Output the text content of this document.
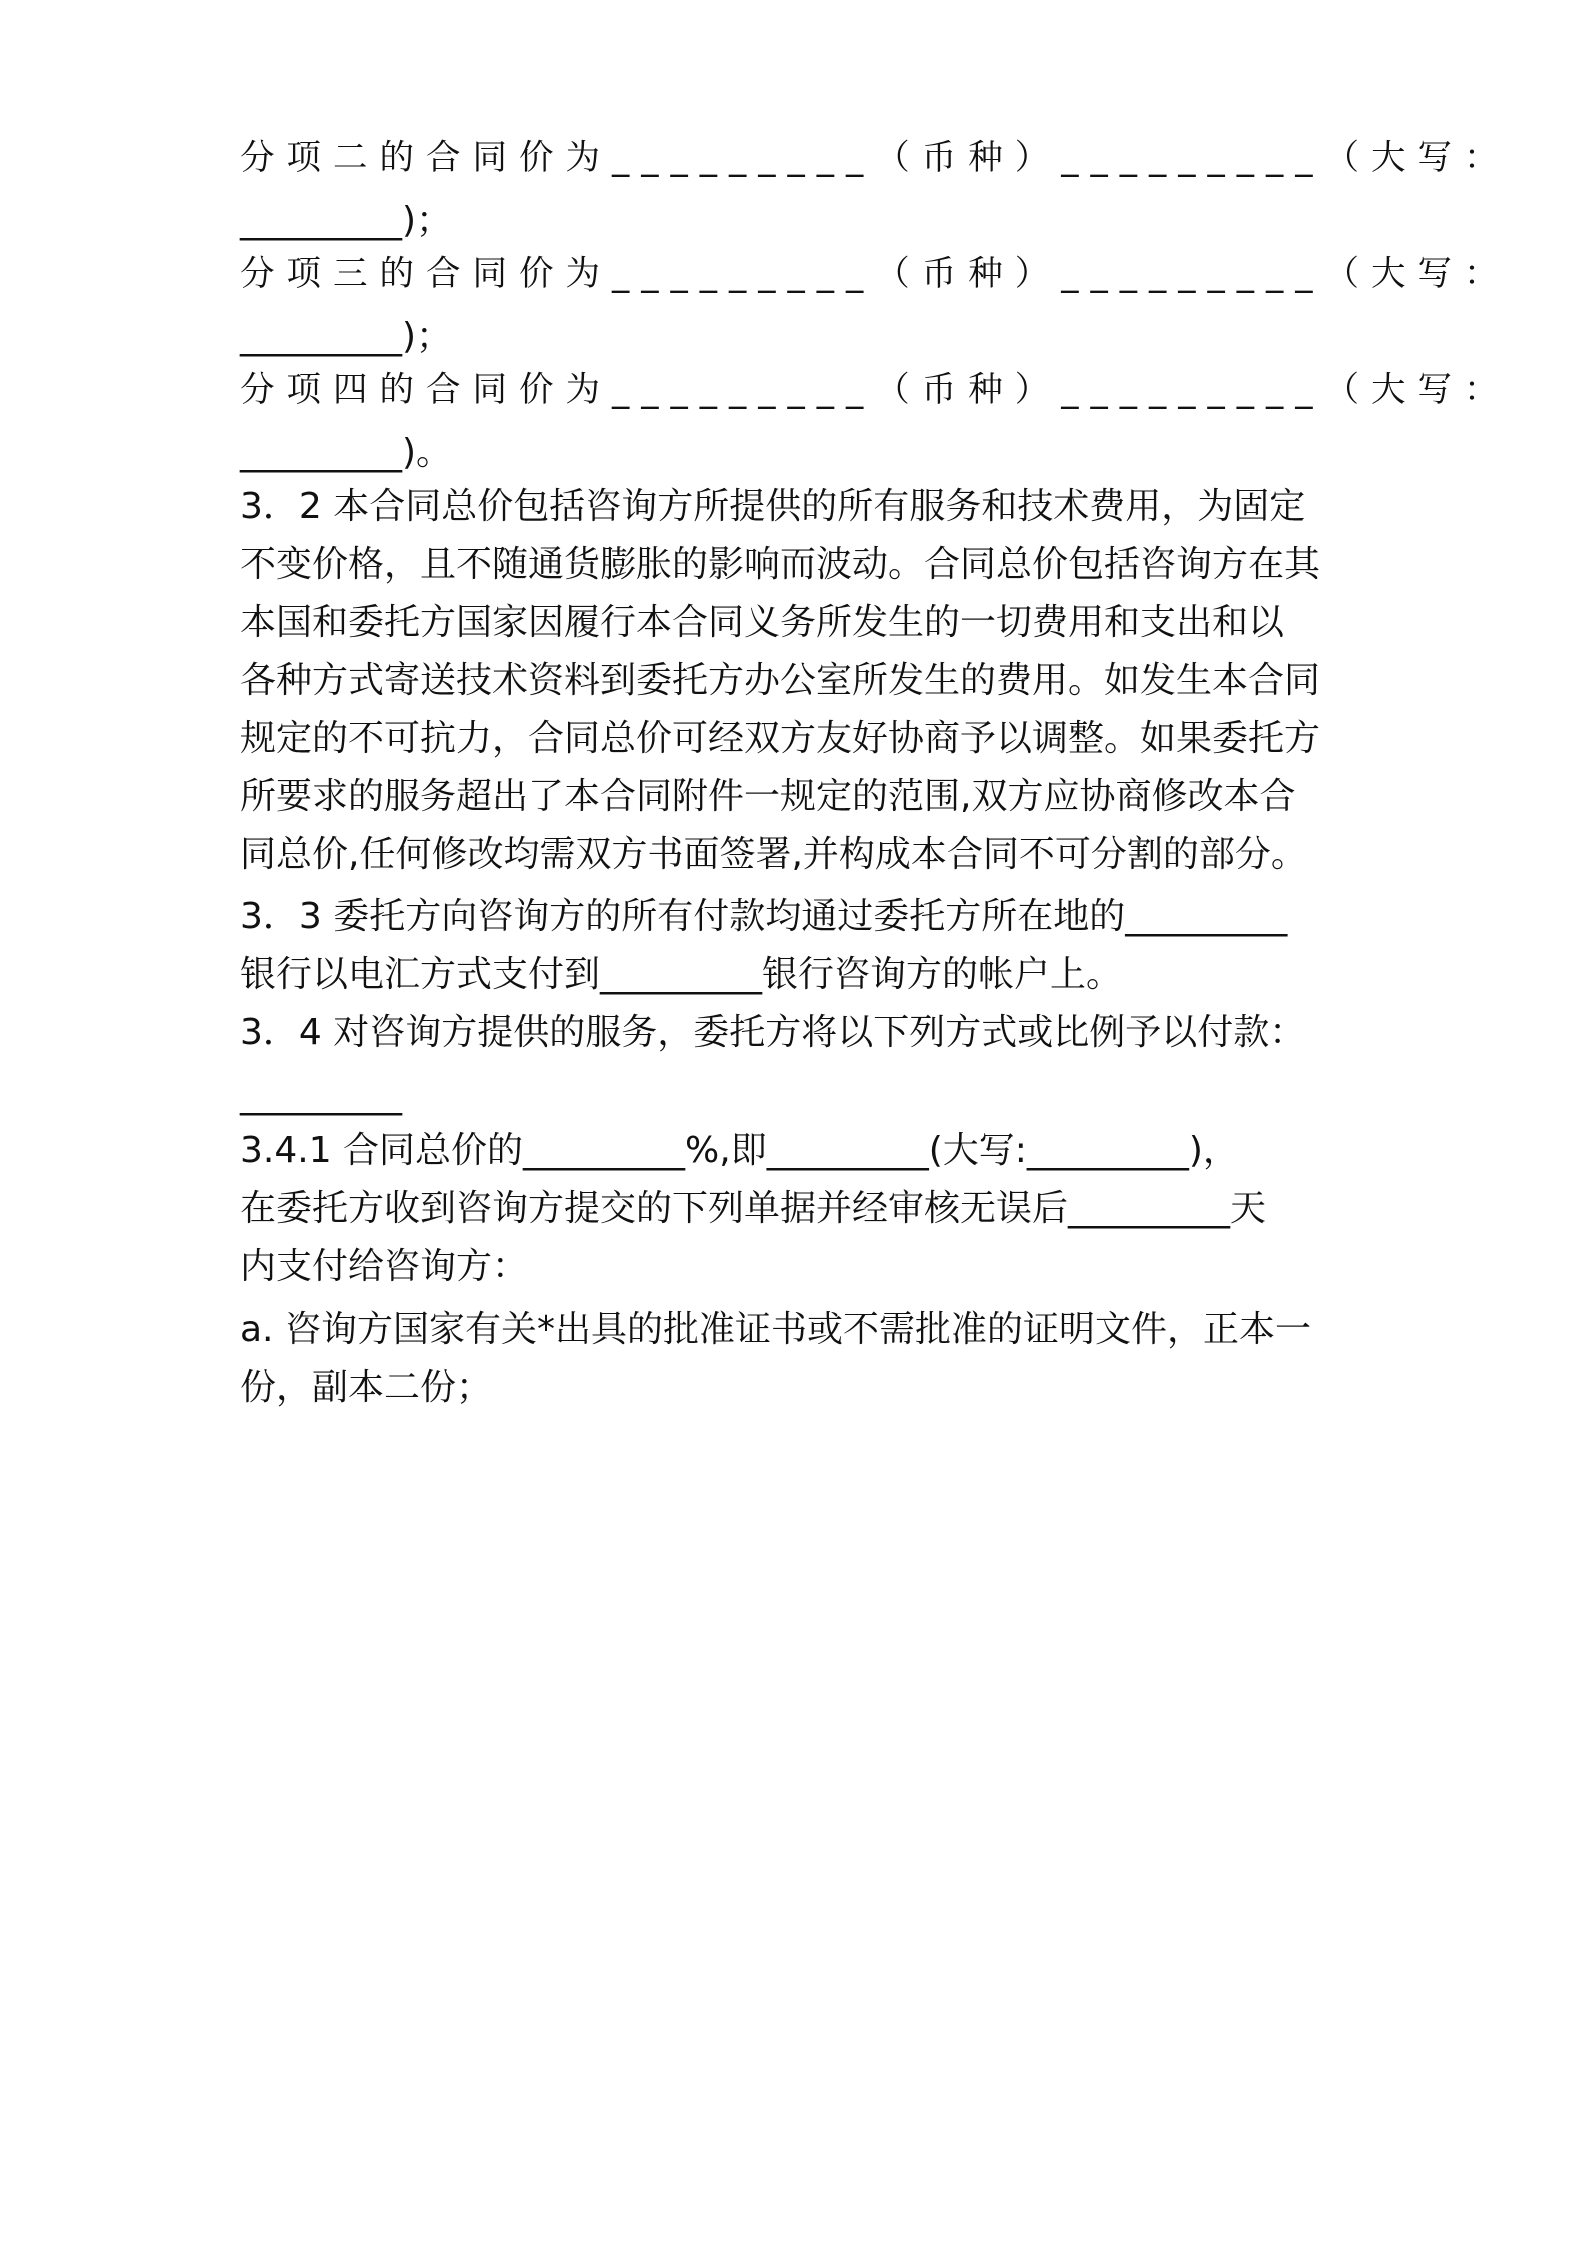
分项二的合同价为_________（币种）_________（大写：
_________)；
分项三的合同价为_________（币种）_________（大写：
_________)；
分项四的合同价为_________（币种）_________（大写：
_________)。
3．2 本合同总价包括咨询方所提供的所有服务和技术费用，为固定
不变价格，且不随通货膨胀的影响而波动。合同总价包括咨询方在其
本国和委托方国家因履行本合同义务所发生的一切费用和支出和以
各种方式寄送技术资料到委托方办公室所发生的费用。如发生本合同
规定的不可抗力，合同总价可经双方友好协商予以调整。如果委托方
所要求的服务超出了本合同附件一规定的范围,双方应协商修改本合
同总价,任何修改均需双方书面签署,并构成本合同不可分割的部分。
3．3 委托方向咨询方的所有付款均通过委托方所在地的_________
银行以电汇方式支付到_________银行咨询方的帐户上。
3．4 对咨询方提供的服务，委托方将以下列方式或比例予以付款：
_________
3.4.1 合同总价的_________%,即_________(大写:_________)，
在委托方收到咨询方提交的下列单据并经审核无误后_________天
内支付给咨询方：
a. 咨询方国家有关*出具的批准证书或不需批准的证明文件，正本一
份，副本二份；
